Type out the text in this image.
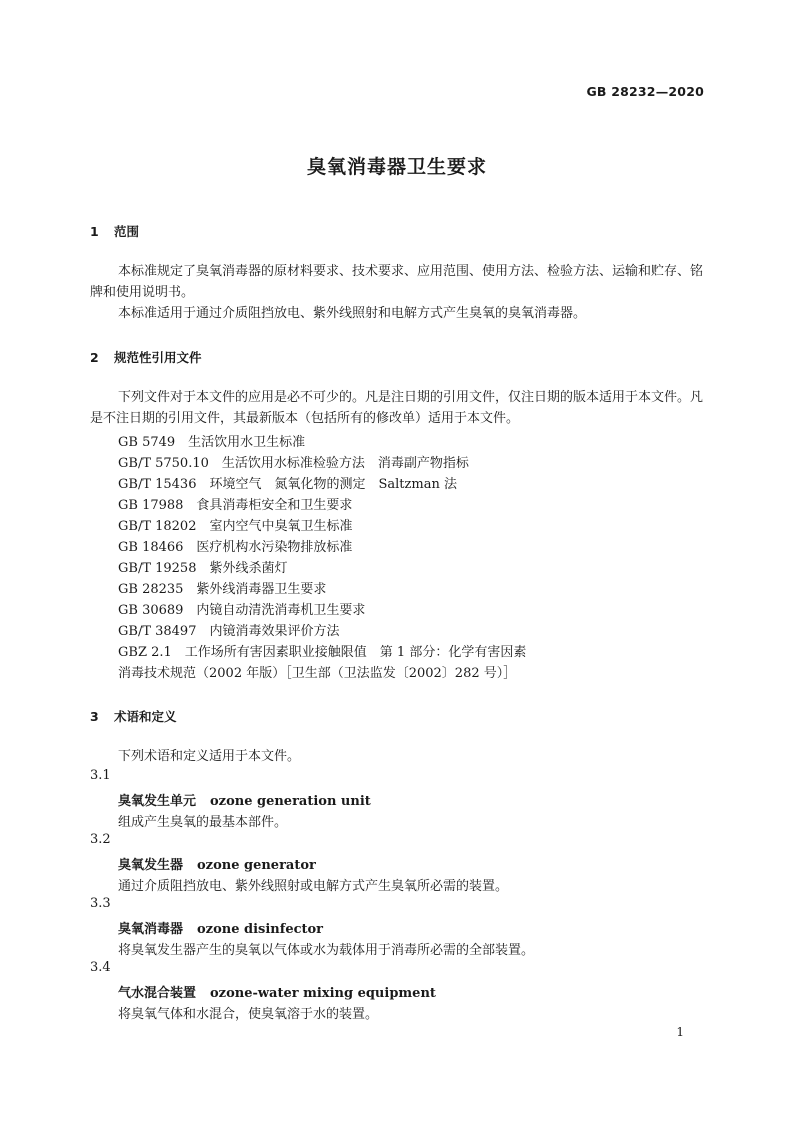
GB 28232—2020
臭氧消毒器卫生要求
1 范围
本标准规定了臭氧消毒器的原材料要求、技术要求、应用范围、使用方法、检验方法、运输和贮存、铭牌和使用说明书。
本标准适用于通过介质阻挡放电、紫外线照射和电解方式产生臭氧的臭氧消毒器。
2 规范性引用文件
下列文件对于本文件的应用是必不可少的。凡是注日期的引用文件，仅注日期的版本适用于本文件。凡是不注日期的引用文件，其最新版本（包括所有的修改单）适用于本文件。
GB 5749　生活饮用水卫生标准
GB/T 5750.10　生活饮用水标准检验方法　消毒副产物指标
GB/T 15436　环境空气　氮氧化物的测定　Saltzman 法
GB 17988　食具消毒柜安全和卫生要求
GB/T 18202　室内空气中臭氧卫生标准
GB 18466　医疗机构水污染物排放标准
GB/T 19258　紫外线杀菌灯
GB 28235　紫外线消毒器卫生要求
GB 30689　内镜自动清洗消毒机卫生要求
GB/T 38497　内镜消毒效果评价方法
GBZ 2.1　工作场所有害因素职业接触限值　第 1 部分：化学有害因素
消毒技术规范（2002 年版）［卫生部（卫法监发〔2002〕282 号）］
3 术语和定义
下列术语和定义适用于本文件。
3.1
臭氧发生单元 ozone generation unit
组成产生臭氧的最基本部件。
3.2
臭氧发生器 ozone generator
通过介质阻挡放电、紫外线照射或电解方式产生臭氧所必需的装置。
3.3
臭氧消毒器 ozone disinfector
将臭氧发生器产生的臭氧以气体或水为载体用于消毒所必需的全部装置。
3.4
气水混合装置 ozone-water mixing equipment
将臭氧气体和水混合，使臭氧溶于水的装置。
1
